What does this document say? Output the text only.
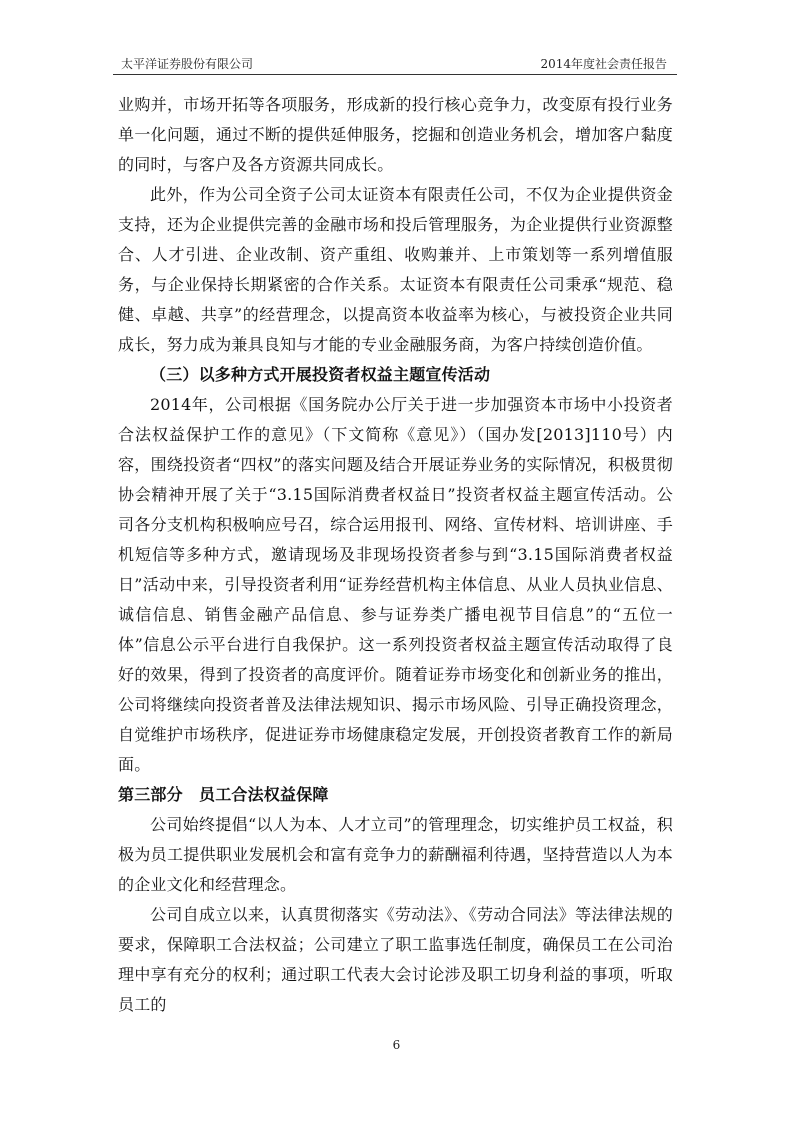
太平洋证券股份有限公司	2014年度社会责任报告

业购并，市场开拓等各项服务，形成新的投行核心竞争力，改变原有投行业务单一化问题，通过不断的提供延伸服务，挖掘和创造业务机会，增加客户黏度的同时，与客户及各方资源共同成长。

此外，作为公司全资子公司太证资本有限责任公司，不仅为企业提供资金支持，还为企业提供完善的金融市场和投后管理服务，为企业提供行业资源整合、人才引进、企业改制、资产重组、收购兼并、上市策划等一系列增值服务，与企业保持长期紧密的合作关系。太证资本有限责任公司秉承“规范、稳健、卓越、共享”的经营理念，以提高资本收益率为核心，与被投资企业共同成长，努力成为兼具良知与才能的专业金融服务商，为客户持续创造价值。

（三）以多种方式开展投资者权益主题宣传活动

2014年，公司根据《国务院办公厅关于进一步加强资本市场中小投资者合法权益保护工作的意见》（下文简称《意见》）（国办发[2013]110号）内容，围绕投资者“四权”的落实问题及结合开展证券业务的实际情况，积极贯彻协会精神开展了关于“3.15国际消费者权益日”投资者权益主题宣传活动。公司各分支机构积极响应号召，综合运用报刊、网络、宣传材料、培训讲座、手机短信等多种方式，邀请现场及非现场投资者参与到“3.15国际消费者权益日”活动中来，引导投资者利用“证券经营机构主体信息、从业人员执业信息、诚信信息、销售金融产品信息、参与证券类广播电视节目信息”的“五位一体”信息公示平台进行自我保护。这一系列投资者权益主题宣传活动取得了良好的效果，得到了投资者的高度评价。随着证券市场变化和创新业务的推出，公司将继续向投资者普及法律法规知识、揭示市场风险、引导正确投资理念，自觉维护市场秩序，促进证券市场健康稳定发展，开创投资者教育工作的新局面。

第三部分　员工合法权益保障

公司始终提倡“以人为本、人才立司”的管理理念，切实维护员工权益，积极为员工提供职业发展机会和富有竞争力的薪酬福利待遇，坚持营造以人为本的企业文化和经营理念。

公司自成立以来，认真贯彻落实《劳动法》、《劳动合同法》等法律法规的要求，保障职工合法权益；公司建立了职工监事选任制度，确保员工在公司治理中享有充分的权利；通过职工代表大会讨论涉及职工切身利益的事项，听取员工的

6
